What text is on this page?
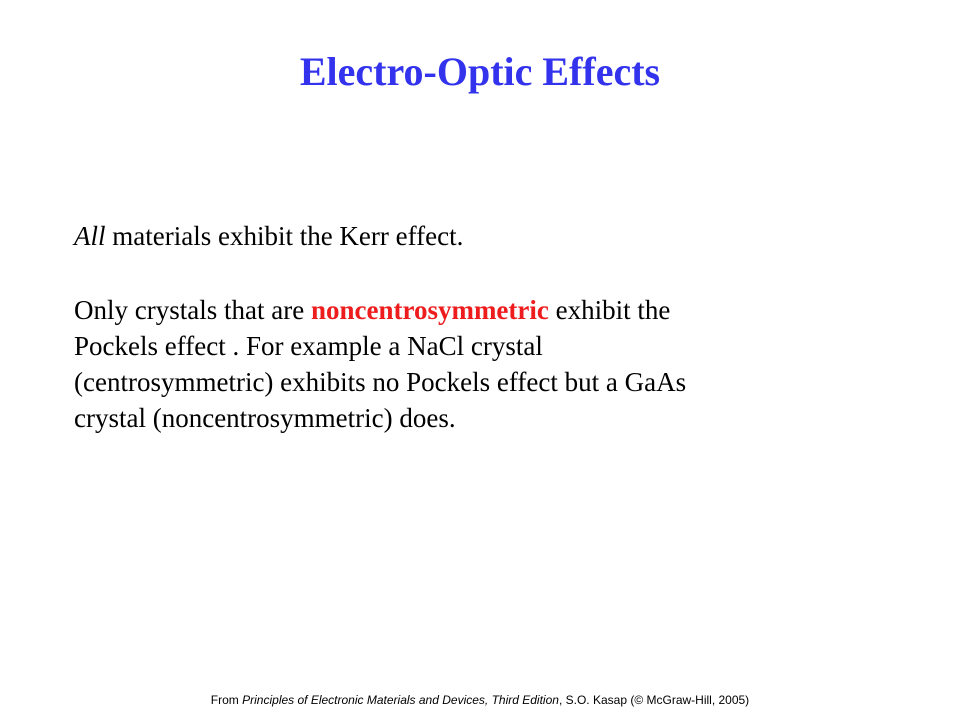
Electro-Optic Effects

All materials exhibit the Kerr effect.

Only crystals that are noncentrosymmetric exhibit the
Pockels effect . For example a NaCl crystal
(centrosymmetric) exhibits no Pockels effect but a GaAs
crystal (noncentrosymmetric) does.

From Principles of Electronic Materials and Devices, Third Edition, S.O. Kasap (© McGraw-Hill, 2005)
